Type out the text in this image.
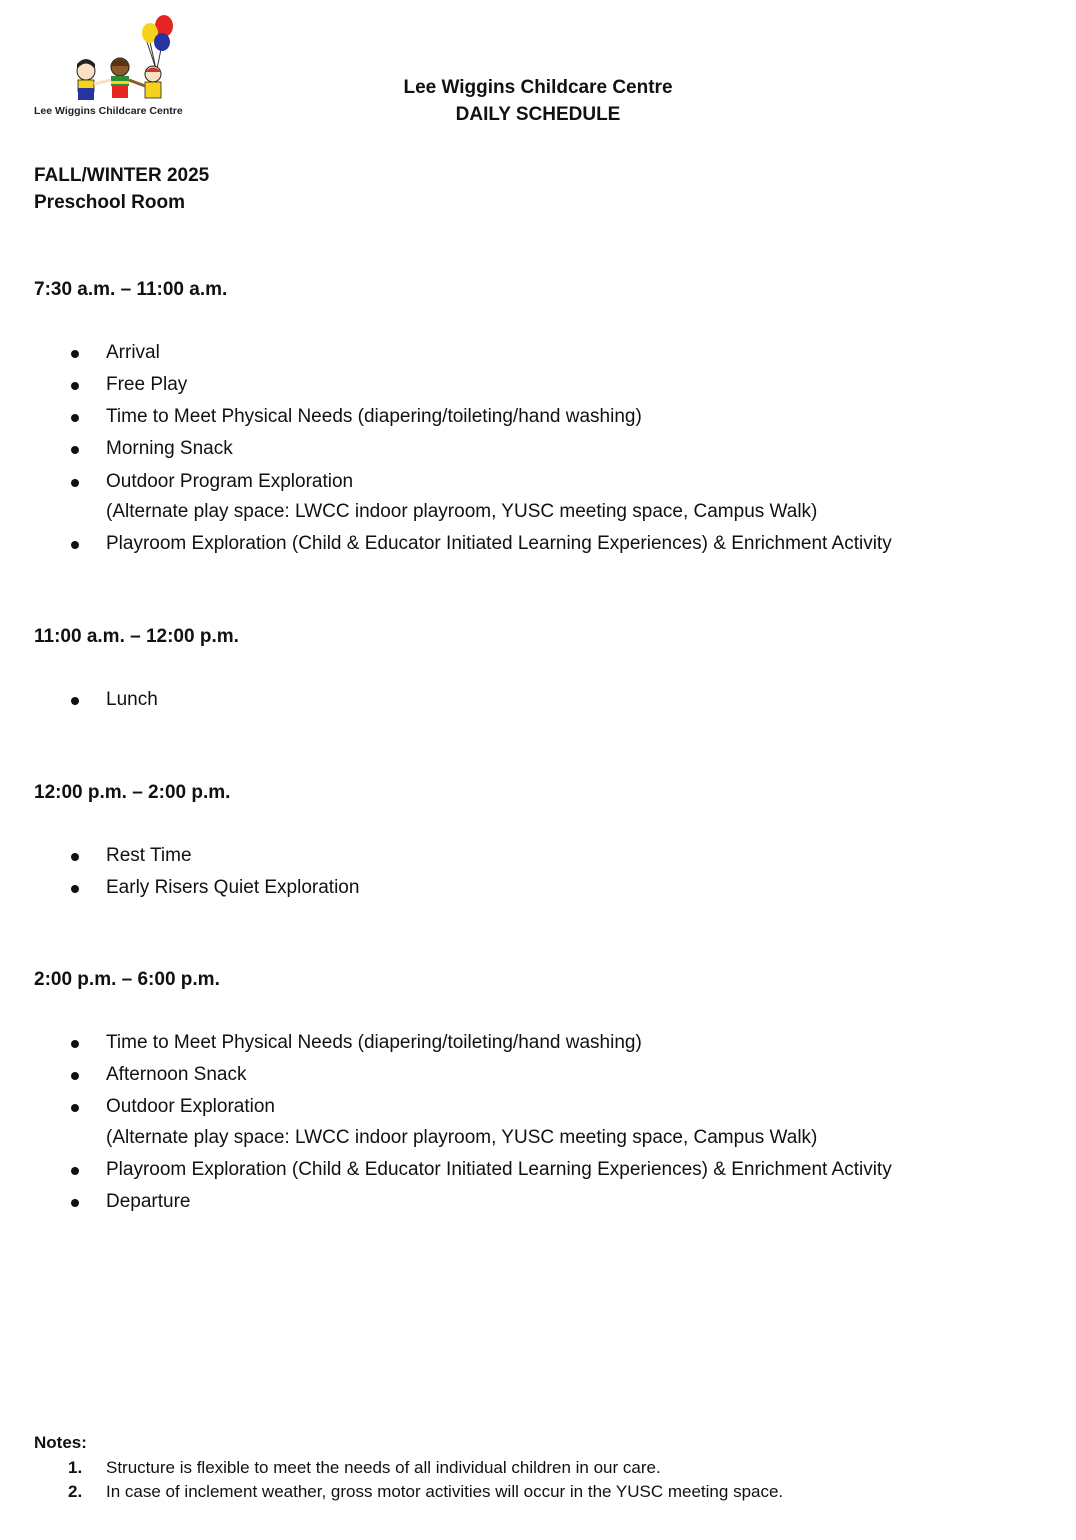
Lee Wiggins Childcare Centre
Lee Wiggins Childcare Centre
DAILY SCHEDULE
FALL/WINTER 2025
Preschool Room
7:30 a.m. – 11:00 a.m.
Arrival
Free Play
Time to Meet Physical Needs (diapering/toileting/hand washing)
Morning Snack
Outdoor Program Exploration
(Alternate play space: LWCC indoor playroom, YUSC meeting space, Campus Walk)
Playroom Exploration (Child & Educator Initiated Learning Experiences) & Enrichment Activity
11:00 a.m. – 12:00 p.m.
Lunch
12:00 p.m. – 2:00 p.m.
Rest Time
Early Risers Quiet Exploration
2:00 p.m. – 6:00 p.m.
Time to Meet Physical Needs (diapering/toileting/hand washing)
Afternoon Snack
Outdoor Exploration
(Alternate play space: LWCC indoor playroom, YUSC meeting space, Campus Walk)
Playroom Exploration (Child & Educator Initiated Learning Experiences) & Enrichment Activity
Departure
Notes:
1. Structure is flexible to meet the needs of all individual children in our care.
2. In case of inclement weather, gross motor activities will occur in the YUSC meeting space.
